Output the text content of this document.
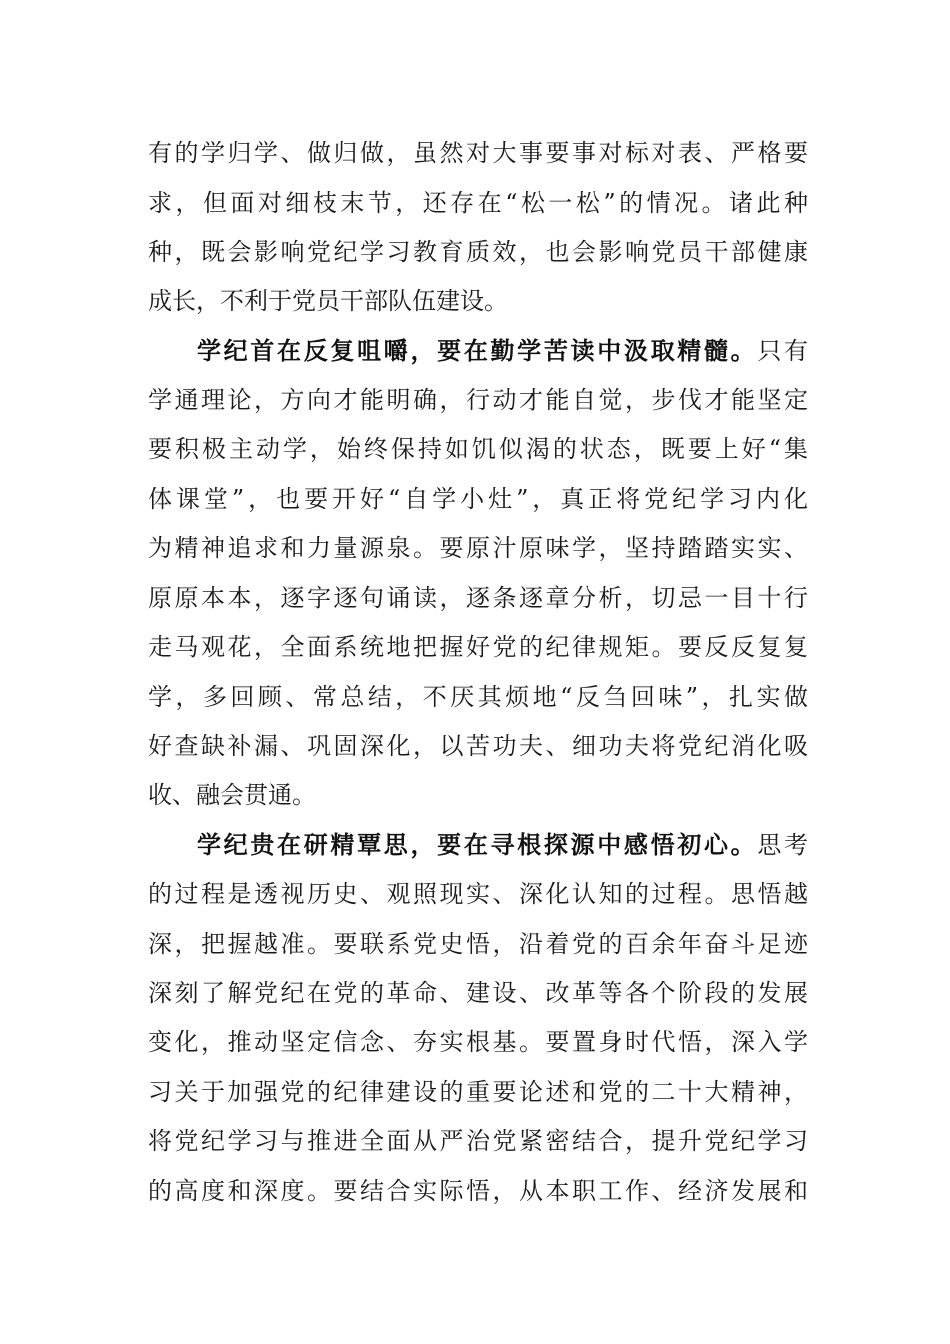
有的学归学、做归做，虽然对大事要事对标对表、严格要
求，但面对细枝末节，还存在“松一松”的情况。诸此种
种，既会影响党纪学习教育质效，也会影响党员干部健康
成长，不利于党员干部队伍建设。
学纪首在反复咀嚼，要在勤学苦读中汲取精髓。只有
学通理论，方向才能明确，行动才能自觉，步伐才能坚定
要积极主动学，始终保持如饥似渴的状态，既要上好“集
体课堂”，也要开好“自学小灶”，真正将党纪学习内化
为精神追求和力量源泉。要原汁原味学，坚持踏踏实实、
原原本本，逐字逐句诵读，逐条逐章分析，切忌一目十行
走马观花，全面系统地把握好党的纪律规矩。要反反复复
学，多回顾、常总结，不厌其烦地“反刍回味”，扎实做
好查缺补漏、巩固深化，以苦功夫、细功夫将党纪消化吸
收、融会贯通。
学纪贵在研精覃思，要在寻根探源中感悟初心。思考
的过程是透视历史、观照现实、深化认知的过程。思悟越
深，把握越准。要联系党史悟，沿着党的百余年奋斗足迹
深刻了解党纪在党的革命、建设、改革等各个阶段的发展
变化，推动坚定信念、夯实根基。要置身时代悟，深入学
习关于加强党的纪律建设的重要论述和党的二十大精神，
将党纪学习与推进全面从严治党紧密结合，提升党纪学习
的高度和深度。要结合实际悟，从本职工作、经济发展和
